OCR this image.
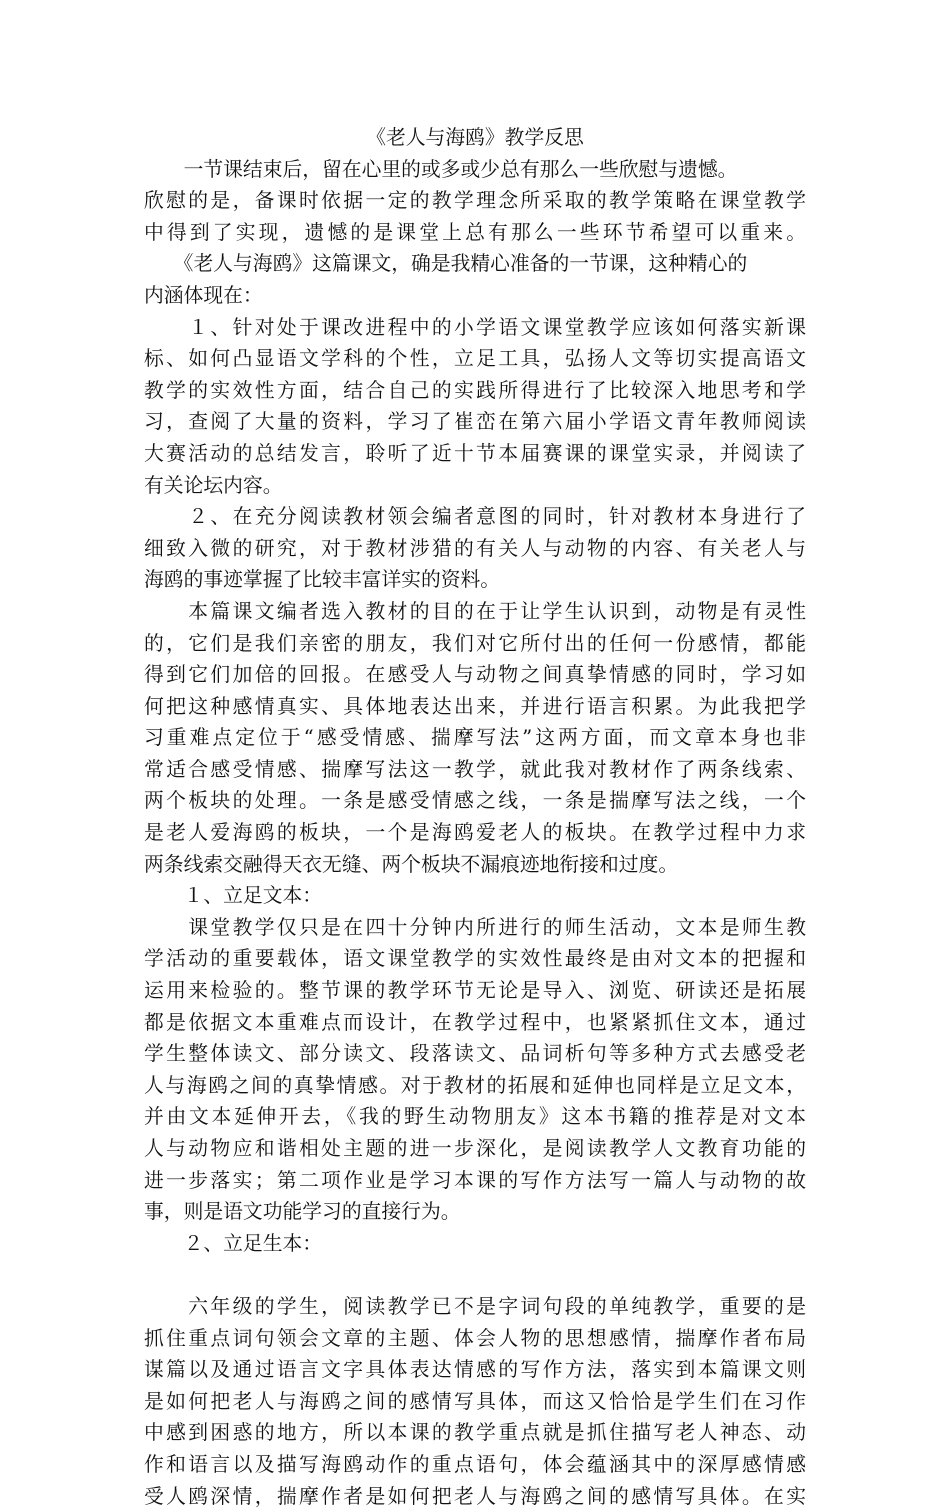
《老人与海鸥》教学反思
　　一节课结束后，留在心里的或多或少总有那么一些欣慰与遗憾。
欣慰的是，备课时依据一定的教学理念所采取的教学策略在课堂教学
中得到了实现，遗憾的是课堂上总有那么一些环节希望可以重来。
　　《老人与海鸥》这篇课文，确是我精心准备的一节课，这种精心的
内涵体现在：
　　１、针对处于课改进程中的小学语文课堂教学应该如何落实新课
标、如何凸显语文学科的个性，立足工具，弘扬人文等切实提高语文
教学的实效性方面，结合自己的实践所得进行了比较深入地思考和学
习，查阅了大量的资料，学习了崔峦在第六届小学语文青年教师阅读
大赛活动的总结发言，聆听了近十节本届赛课的课堂实录，并阅读了
有关论坛内容。
　　２、在充分阅读教材领会编者意图的同时，针对教材本身进行了
细致入微的研究，对于教材涉猎的有关人与动物的内容、有关老人与
海鸥的事迹掌握了比较丰富详实的资料。
　　本篇课文编者选入教材的目的在于让学生认识到，动物是有灵性
的，它们是我们亲密的朋友，我们对它所付出的任何一份感情，都能
得到它们加倍的回报。在感受人与动物之间真挚情感的同时，学习如
何把这种感情真实、具体地表达出来，并进行语言积累。为此我把学
习重难点定位于“感受情感、揣摩写法”这两方面，而文章本身也非
常适合感受情感、揣摩写法这一教学，就此我对教材作了两条线索、
两个板块的处理。一条是感受情感之线，一条是揣摩写法之线，一个
是老人爱海鸥的板块，一个是海鸥爱老人的板块。在教学过程中力求
两条线索交融得天衣无缝、两个板块不漏痕迹地衔接和过度。
　　１、立足文本：
　　课堂教学仅只是在四十分钟内所进行的师生活动，文本是师生教
学活动的重要载体，语文课堂教学的实效性最终是由对文本的把握和
运用来检验的。整节课的教学环节无论是导入、浏览、研读还是拓展
都是依据文本重难点而设计，在教学过程中，也紧紧抓住文本，通过
学生整体读文、部分读文、段落读文、品词析句等多种方式去感受老
人与海鸥之间的真挚情感。对于教材的拓展和延伸也同样是立足文本，
并由文本延伸开去，《我的野生动物朋友》这本书籍的推荐是对文本
人与动物应和谐相处主题的进一步深化，是阅读教学人文教育功能的
进一步落实；第二项作业是学习本课的写作方法写一篇人与动物的故
事，则是语文功能学习的直接行为。
　　２、立足生本：
　　六年级的学生，阅读教学已不是字词句段的单纯教学，重要的是
抓住重点词句领会文章的主题、体会人物的思想感情，揣摩作者布局
谋篇以及通过语言文字具体表达情感的写作方法，落实到本篇课文则
是如何把老人与海鸥之间的感情写具体，而这又恰恰是学生们在习作
中感到困惑的地方，所以本课的教学重点就是抓住描写老人神态、动
作和语言以及描写海鸥动作的重点语句，体会蕴涵其中的深厚感情感
受人鸥深情，揣摩作者是如何把老人与海鸥之间的感情写具体。在实
